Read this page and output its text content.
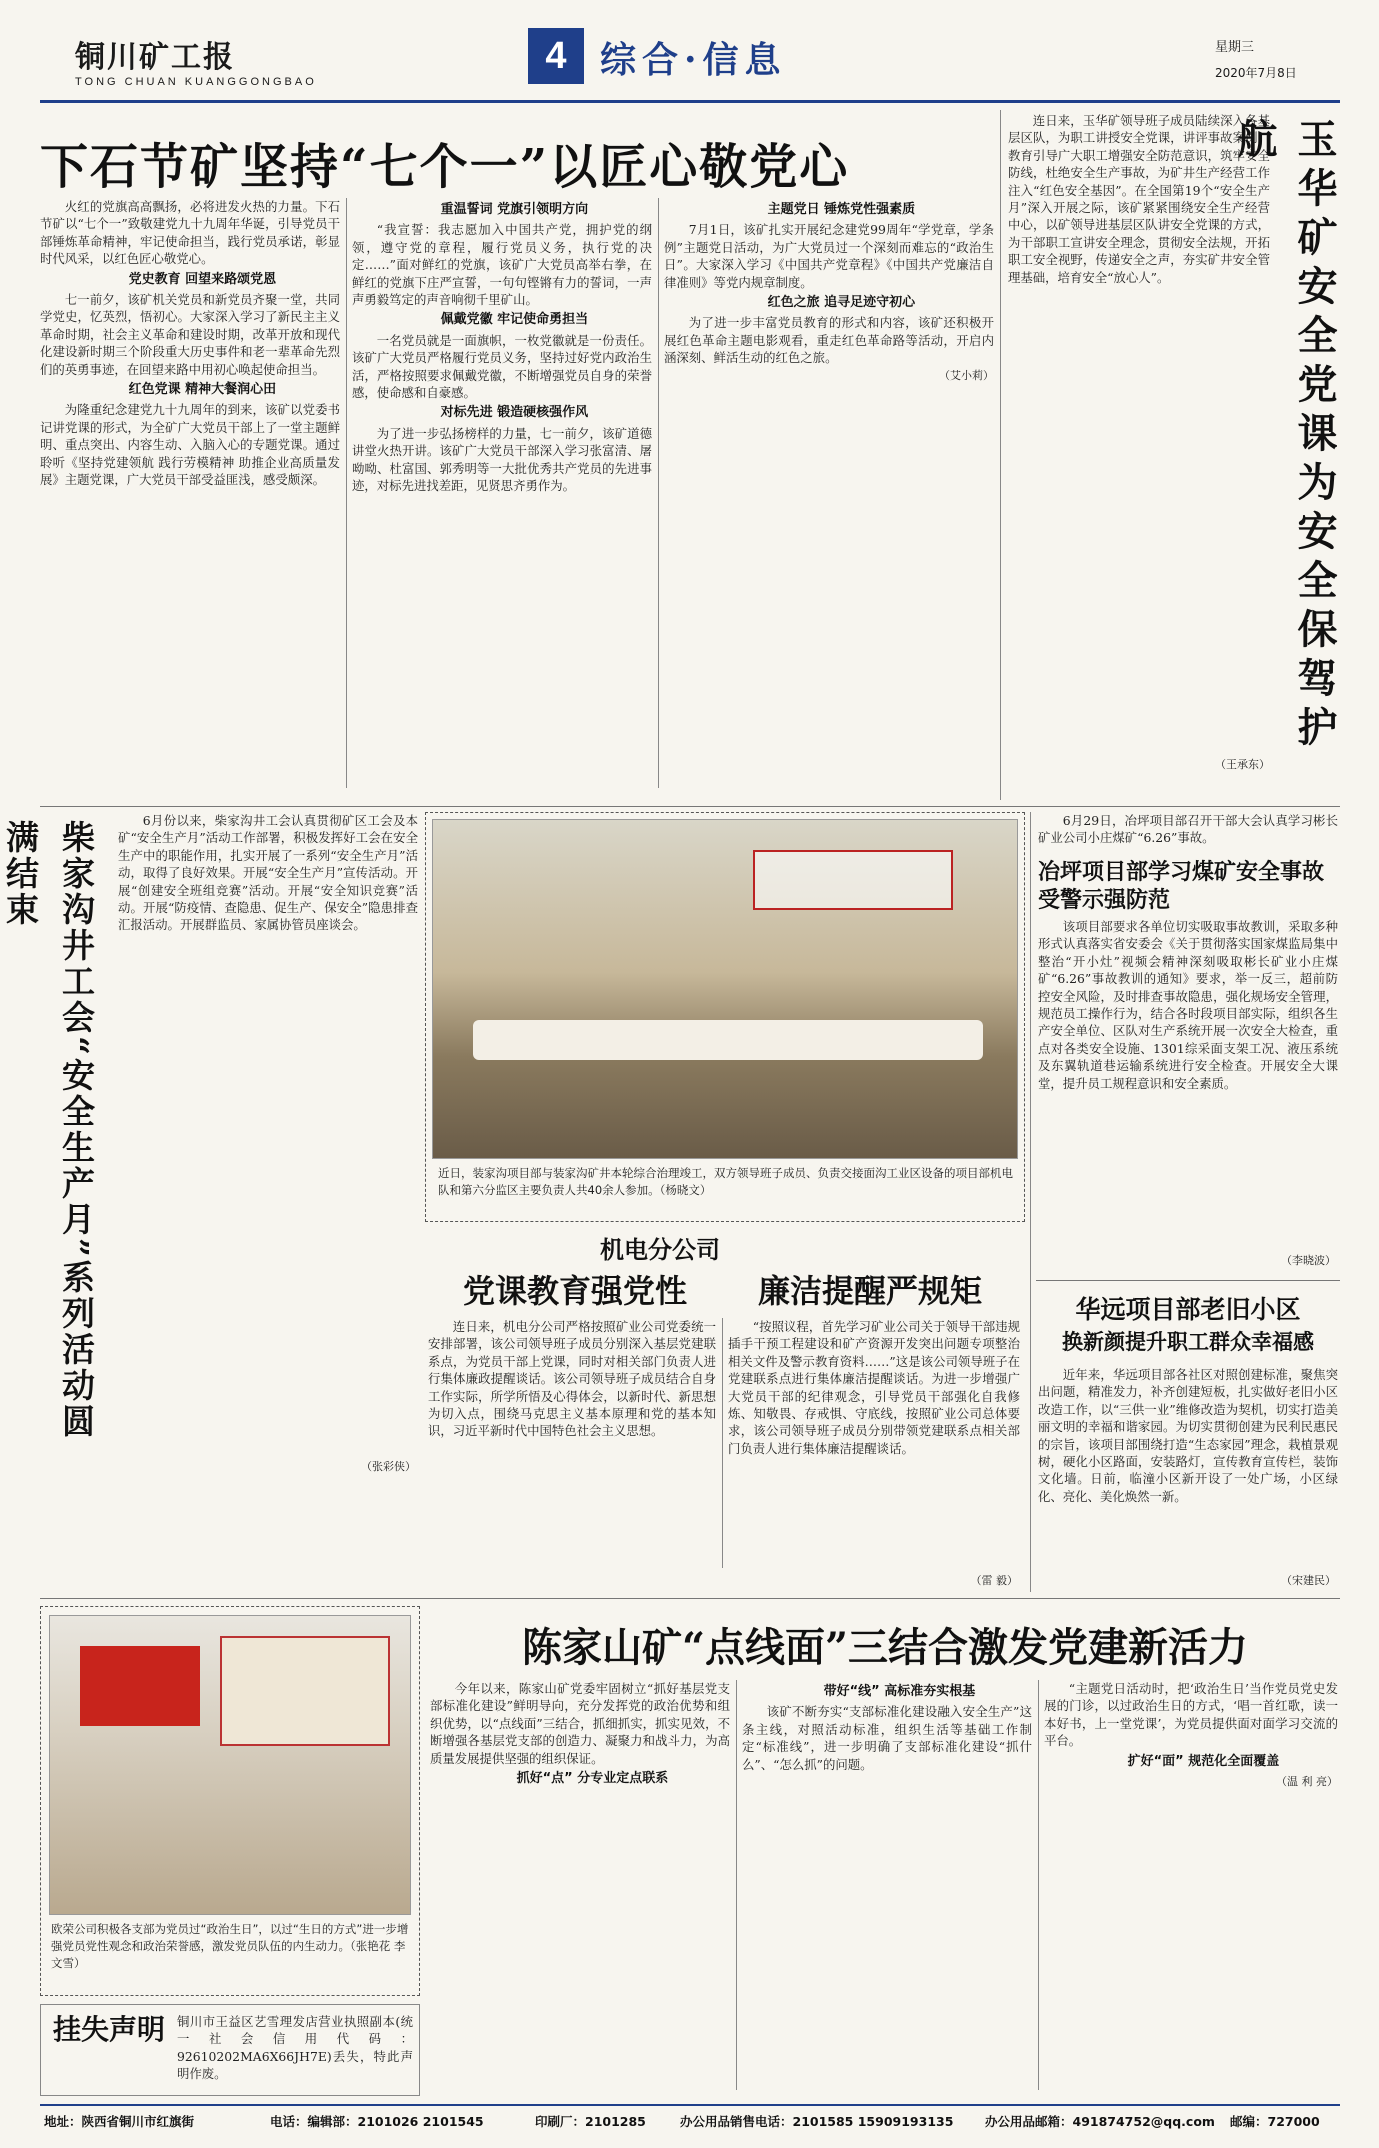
铜川矿工报
TONG CHUAN KUANGGONGBAO
4 综合·信息	星期三
2020年7月8日
下石节矿坚持“七个一”以匠心敬党心

火红的党旗高高飘扬，必将进发火热的力量。下石节矿以“七个一”致敬建党九十九周年华诞，引导党员干部锤炼革命精神，牢记使命担当，践行党员承诺，彰显时代风采，以红色匠心敬党心。

党史教育 回望来路颂党恩

七一前夕，该矿机关党员和新党员齐聚一堂，共同学党史，忆英烈，悟初心。大家深入学习了新民主主义革命时期，社会主义革命和建设时期，改革开放和现代化建设新时期三个阶段重大历史事件和老一辈革命先烈们的英勇事迹，在回望来路中用初心唤起使命担当。

红色党课 精神大餐润心田

为隆重纪念建党九十九周年的到来，该矿以党委书记讲党课的形式，为全矿广大党员干部上了一堂主题鲜明、重点突出、内容生动、入脑入心的专题党课。通过聆听《坚持党建领航 践行劳模精神 助推企业高质量发展》主题党课，广大党员干部受益匪浅，感受颇深。

重温誓词 党旗引领明方向

“我宣誓：我志愿加入中国共产党，拥护党的纲领，遵守党的章程，履行党员义务，执行党的决定……”面对鲜红的党旗，该矿广大党员高举右拳，在鲜红的党旗下庄严宣誓，一句句铿锵有力的誓词，一声声勇毅笃定的声音响彻千里矿山。

佩戴党徽 牢记使命勇担当

一名党员就是一面旗帜，一枚党徽就是一份责任。该矿广大党员严格履行党员义务，坚持过好党内政治生活，严格按照要求佩戴党徽，不断增强党员自身的荣誉感，使命感和自豪感。

对标先进 锻造硬核强作风

为了进一步弘扬榜样的力量，七一前夕，该矿道德讲堂火热开讲。该矿广大党员干部深入学习张富清、屠呦呦、杜富国、郭秀明等一大批优秀共产党员的先进事迹，对标先进找差距，见贤思齐勇作为。

主题党日 锤炼党性强素质

7月1日，该矿扎实开展纪念建党99周年“学党章，学条例”主题党日活动，为广大党员过一个深刻而难忘的“政治生日”。大家深入学习《中国共产党章程》《中国共产党廉洁自律准则》等党内规章制度。

红色之旅 追寻足迹守初心

为了进一步丰富党员教育的形式和内容，该矿还积极开展红色革命主题电影观看，重走红色革命路等活动，开启内涵深刻、鲜活生动的红色之旅。

（艾小莉）
连日来，玉华矿领导班子成员陆续深入各基层区队，为职工讲授安全党课，讲评事故案例，教育引导广大职工增强安全防范意识，筑牢安全防线，杜绝安全生产事故，为矿井生产经营工作注入“红色安全基因”。在全国第19个“安全生产月”深入开展之际，该矿紧紧围绕安全生产经营中心，以矿领导进基层区队讲安全党课的方式，为干部职工宣讲安全理念，贯彻安全法规，开拓职工安全视野，传递安全之声，夯实矿井安全管理基础，培育安全“放心人”。
（王承东）
玉华矿安全党课为安全保驾护航
柴家沟井工会“安全生产月”系列活动圆满结束	6月份以来，柴家沟井工会认真贯彻矿区工会及本矿“安全生产月”活动工作部署，积极发挥好工会在安全生产中的职能作用，扎实开展了一系列“安全生产月”活动，取得了良好效果。开展“安全生产月”宣传活动。开展“创建安全班组竞赛”活动。开展“安全知识竞赛”活动。开展“防疫情、查隐患、促生产、保安全”隐患排查汇报活动。开展群监员、家属协管员座谈会。
（张彩侠）
近日，装家沟项目部与装家沟矿井本轮综合治理竣工，双方领导班子成员、负责交接面沟工业区设备的项目部机电队和第六分监区主要负责人共40余人参加。（杨晓文）
机电分公司
党课教育强党性	廉洁提醒严规矩
连日来，机电分公司严格按照矿业公司党委统一安排部署，该公司领导班子成员分别深入基层党建联系点，为党员干部上党课，同时对相关部门负责人进行集体廉政提醒谈话。该公司领导班子成员结合自身工作实际，所学所悟及心得体会，以新时代、新思想为切入点，围绕马克思主义基本原理和党的基本知识，习近平新时代中国特色社会主义思想。
“按照议程，首先学习矿业公司关于领导干部违规插手干预工程建设和矿产资源开发突出问题专项整治相关文件及警示教育资料……”这是该公司领导班子在党建联系点进行集体廉洁提醒谈话。为进一步增强广大党员干部的纪律观念，引导党员干部强化自我修炼、知敬畏、存戒惧、守底线，按照矿业公司总体要求，该公司领导班子成员分别带领党建联系点相关部门负责人进行集体廉洁提醒谈话。
（雷 毅）
6月29日，冶坪项目部召开干部大会认真学习彬长矿业公司小庄煤矿“6.26”事故。
冶坪项目部学习煤矿安全事故受警示强防范
该项目部要求各单位切实吸取事故教训，采取多种形式认真落实省安委会《关于贯彻落实国家煤监局集中整治“开小灶”视频会精神深刻吸取彬长矿业小庄煤矿“6.26”事故教训的通知》要求，举一反三，超前防控安全风险，及时排查事故隐患，强化规场安全管理，规范员工操作行为，结合各时段项目部实际，组织各生产安全单位、区队对生产系统开展一次安全大检查，重点对各类安全设施、1301综采面支架工况、液压系统及东翼轨道巷运输系统进行安全检查。开展安全大课堂，提升员工规程意识和安全素质。
（李晓波）
华远项目部老旧小区
换新颜提升职工群众幸福感
近年来，华远项目部各社区对照创建标准，聚焦突出问题，精准发力，补齐创建短板，扎实做好老旧小区改造工作，以“三供一业”维修改造为契机，切实打造美丽文明的幸福和谐家园。为切实贯彻创建为民利民惠民的宗旨，该项目部围绕打造“生态家园”理念，栽植景观树，硬化小区路面，安装路灯，宣传教育宣传栏，装饰文化墙。日前，临潼小区新开设了一处广场，小区绿化、亮化、美化焕然一新。
（宋建民）
欧荣公司积极各支部为党员过“政治生日”，以过“生日的方式”进一步增强党员党性观念和政治荣誉感，激发党员队伍的内生动力。（张艳花 李文雪）
挂失声明 铜川市王益区艺雪理发店营业执照副本(统一社会信用代码：92610202MA6X66JH7E)丢失，特此声明作废。
陈家山矿“点线面”三结合激发党建新活力

今年以来，陈家山矿党委牢固树立“抓好基层党支部标准化建设”鲜明导向，充分发挥党的政治优势和组织优势，以“点线面”三结合，抓细抓实，抓实见效，不断增强各基层党支部的创造力、凝聚力和战斗力，为高质量发展提供坚强的组织保证。

抓好“点” 分专业定点联系
带好“线” 高标准夯实根基

该矿不断夯实“支部标准化建设融入安全生产”这条主线，对照活动标准，组织生活等基础工作制定“标准线”，进一步明确了支部标准化建设“抓什么”、“怎么抓”的问题。

“主题党日活动时，把‘政治生日’当作党员党史发展的门诊，以过政治生日的方式，‘唱一首红歌，读一本好书，上一堂党课’，为党员提供面对面学习交流的平台。

扩好“面” 规范化全面覆盖
（温 利 亮）
地址：陕西省铜川市红旗街	电话：编辑部：2101026 2101545	印刷厂：2101285	办公用品销售电话：2101585 15909193135	办公用品邮箱：491874752@qq.com	邮编：727000
